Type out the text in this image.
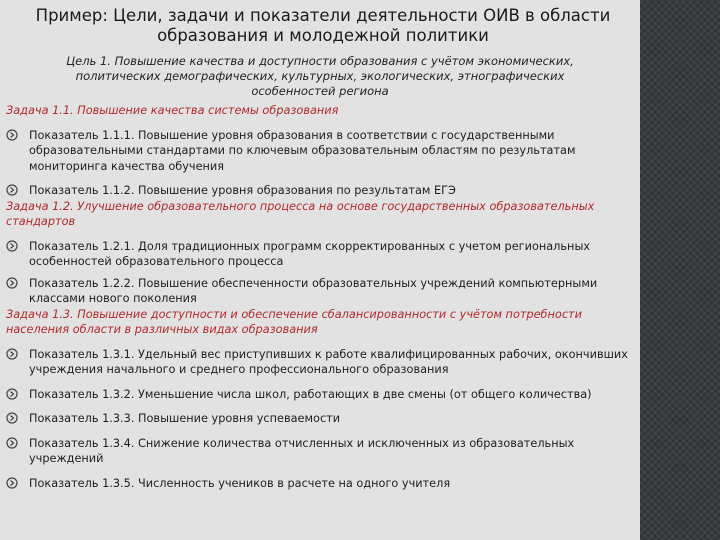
Пример: Цели, задачи и показатели деятельности ОИВ в области
образования и молодежной политики
Цель 1. Повышение качества и доступности образования с учётом экономических,
политических демографических, культурных, экологических, этнографических
особенностей региона

Задача 1.1. Повышение качества системы образования

Показатель 1.1.1. Повышение уровня образования в соответствии с государственными образовательными стандартами по ключевым образовательным областям по результатам мониторинга качества обучения
Показатель 1.1.2. Повышение уровня образования по результатам ЕГЭ

Задача 1.2. Улучшение образовательного процесса на основе государственных образовательных стандартов

Показатель 1.2.1. Доля традиционных программ скорректированных с учетом региональных особенностей образовательного процесса
Показатель 1.2.2. Повышение обеспеченности образовательных учреждений компьютерными классами нового поколения

Задача 1.3. Повышение доступности и обеспечение сбалансированности с учётом потребности населения области в различных видах образования

Показатель 1.3.1. Удельный вес приступивших к работе квалифицированных рабочих, окончивших учреждения начального и среднего профессионального образования
Показатель 1.3.2. Уменьшение числа школ, работающих в две смены (от общего количества)
Показатель 1.3.3. Повышение уровня успеваемости
Показатель 1.3.4. Снижение количества отчисленных и исключенных из образовательных учреждений
Показатель 1.3.5. Численность учеников в расчете на одного учителя
